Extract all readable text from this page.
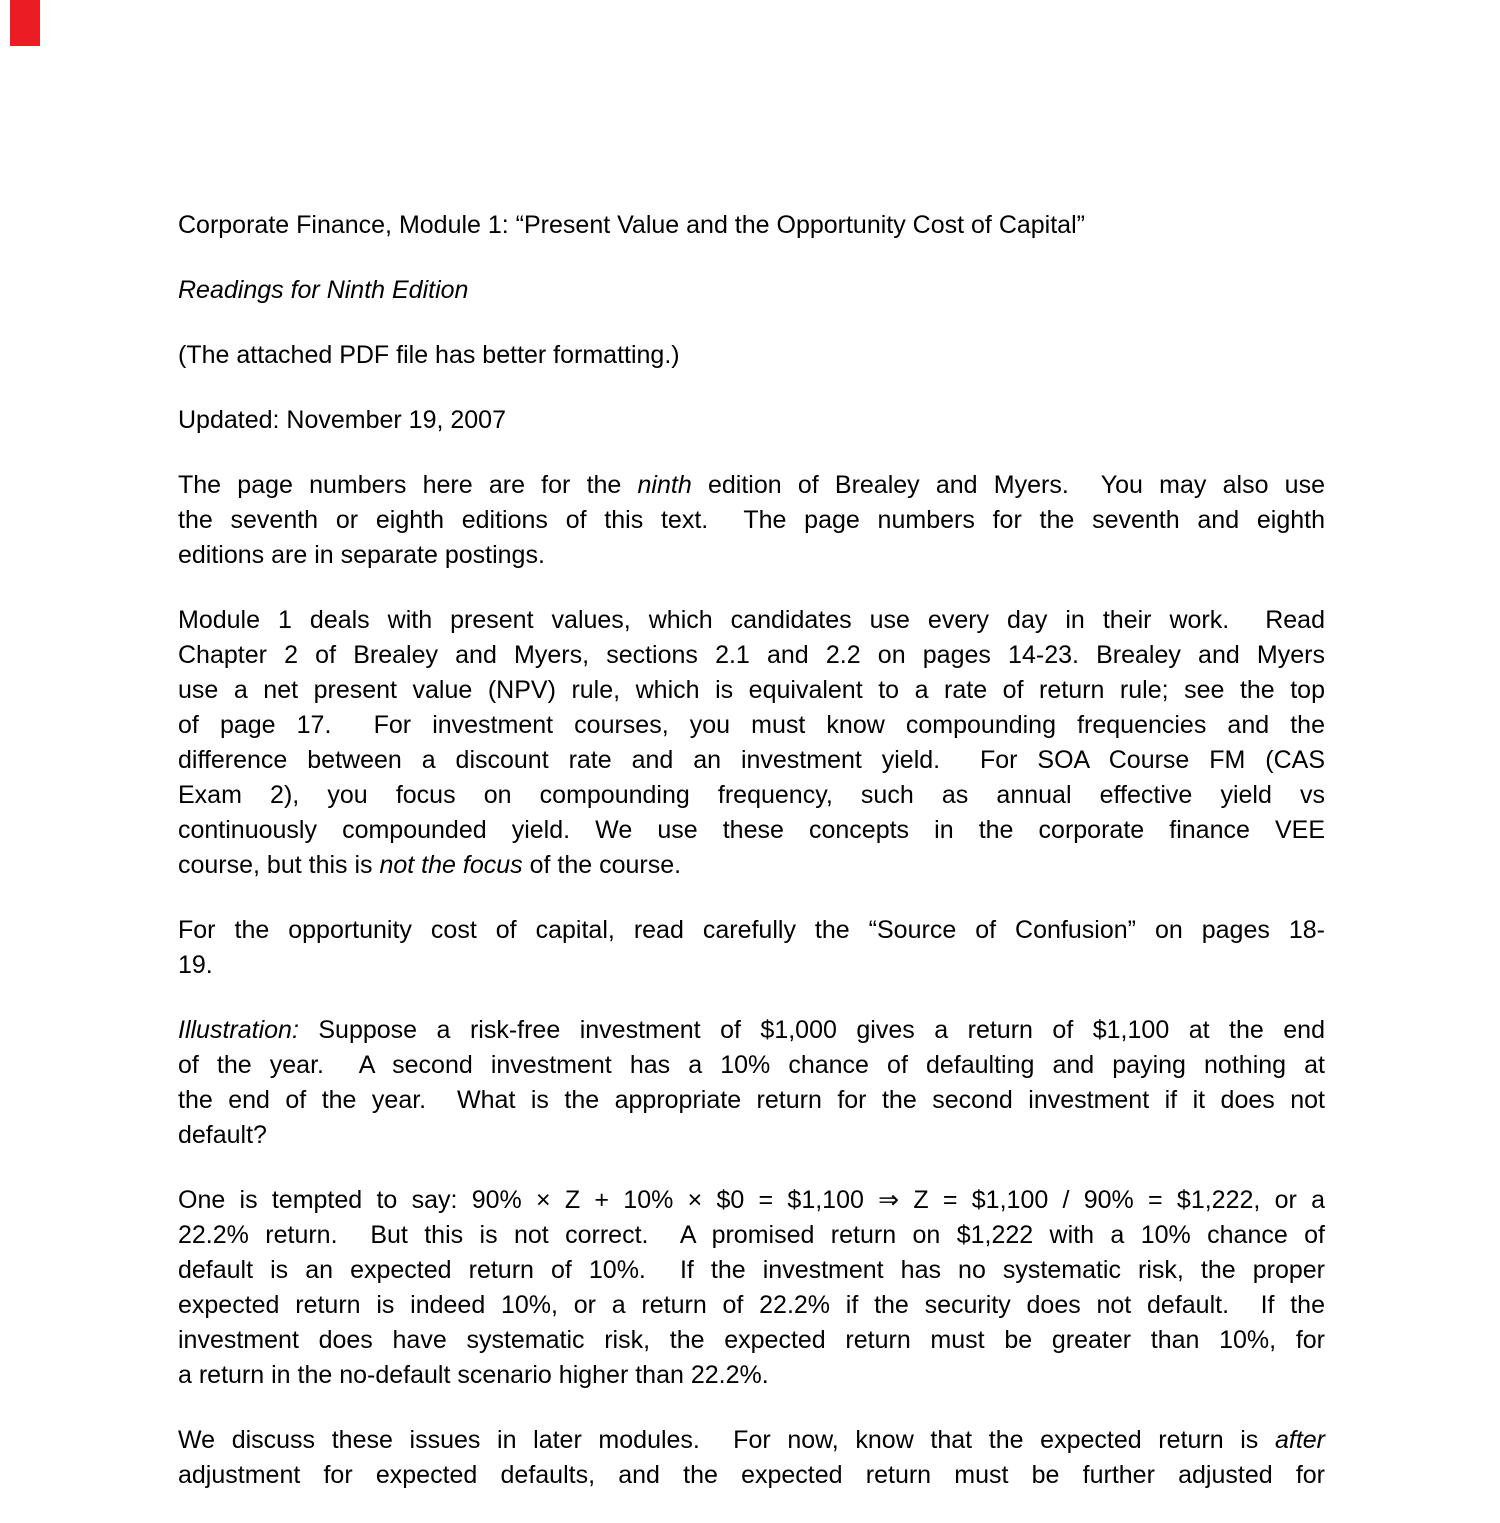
Corporate Finance, Module 1: “Present Value and the Opportunity Cost of Capital”
Readings for Ninth Edition
(The attached PDF file has better formatting.)
Updated: November 19, 2007
The page numbers here are for the ninth edition of Brealey and Myers.  You may also use
the seventh or eighth editions of this text.  The page numbers for the seventh and eighth
editions are in separate postings.
Module 1 deals with present values, which candidates use every day in their work.  Read
Chapter 2 of Brealey and Myers, sections 2.1 and 2.2 on pages 14-23. Brealey and Myers
use a net present value (NPV) rule, which is equivalent to a rate of return rule; see the top
of page 17.  For investment courses, you must know compounding frequencies and the
difference between a discount rate and an investment yield.  For SOA Course FM (CAS
Exam 2), you focus on compounding frequency, such as annual effective yield vs
continuously compounded yield. We use these concepts in the corporate finance VEE
course, but this is not the focus of the course.
For the opportunity cost of capital, read carefully the “Source of Confusion” on pages 18-
19.
Illustration: Suppose a risk-free investment of $1,000 gives a return of $1,100 at the end
of the year.  A second investment has a 10% chance of defaulting and paying nothing at
the end of the year.  What is the appropriate return for the second investment if it does not
default?
One is tempted to say: 90% × Z + 10% × $0 = $1,100 ⇒ Z = $1,100 / 90% = $1,222, or a
22.2% return.  But this is not correct.  A promised return on $1,222 with a 10% chance of
default is an expected return of 10%.  If the investment has no systematic risk, the proper
expected return is indeed 10%, or a return of 22.2% if the security does not default.  If the
investment does have systematic risk, the expected return must be greater than 10%, for
a return in the no-default scenario higher than 22.2%.
We discuss these issues in later modules.  For now, know that the expected return is after
adjustment for expected defaults, and the expected return must be further adjusted for
